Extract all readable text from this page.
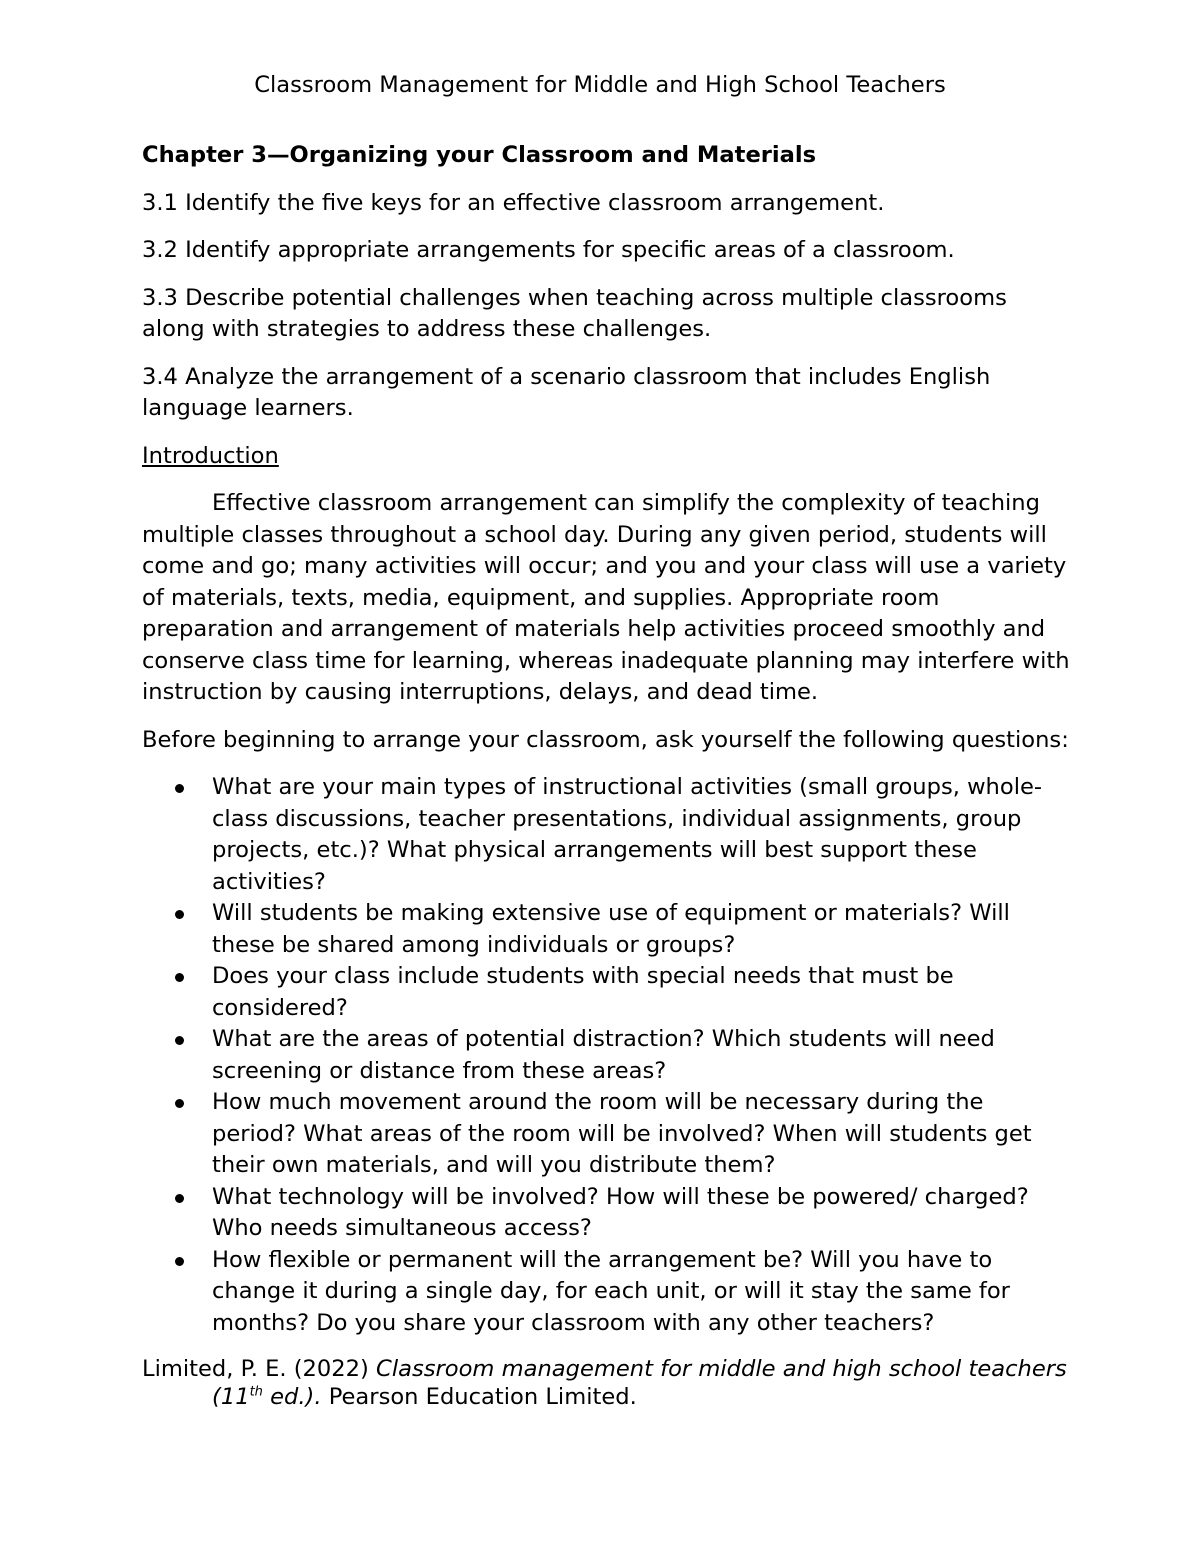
Classroom Management for Middle and High School Teachers

Chapter 3—Organizing your Classroom and Materials

3.1 Identify the five keys for an effective classroom arrangement.

3.2 Identify appropriate arrangements for specific areas of a classroom.

3.3 Describe potential challenges when teaching across multiple classrooms along with strategies to address these challenges.

3.4 Analyze the arrangement of a scenario classroom that includes English language learners.

Introduction

Effective classroom arrangement can simplify the complexity of teaching multiple classes throughout a school day. During any given period, students will come and go; many activities will occur; and you and your class will use a variety of materials, texts, media, equipment, and supplies. Appropriate room preparation and arrangement of materials help activities proceed smoothly and conserve class time for learning, whereas inadequate planning may interfere with instruction by causing interruptions, delays, and dead time.

Before beginning to arrange your classroom, ask yourself the following questions:

What are your main types of instructional activities (small groups, whole-class discussions, teacher presentations, individual assignments, group projects, etc.)? What physical arrangements will best support these activities?
Will students be making extensive use of equipment or materials? Will these be shared among individuals or groups?
Does your class include students with special needs that must be considered?
What are the areas of potential distraction? Which students will need screening or distance from these areas?
How much movement around the room will be necessary during the period? What areas of the room will be involved? When will students get their own materials, and will you distribute them?
What technology will be involved? How will these be powered/ charged? Who needs simultaneous access?
How flexible or permanent will the arrangement be? Will you have to change it during a single day, for each unit, or will it stay the same for months? Do you share your classroom with any other teachers?

Limited, P. E. (2022) Classroom management for middle and high school teachers (11th ed.). Pearson Education Limited.
